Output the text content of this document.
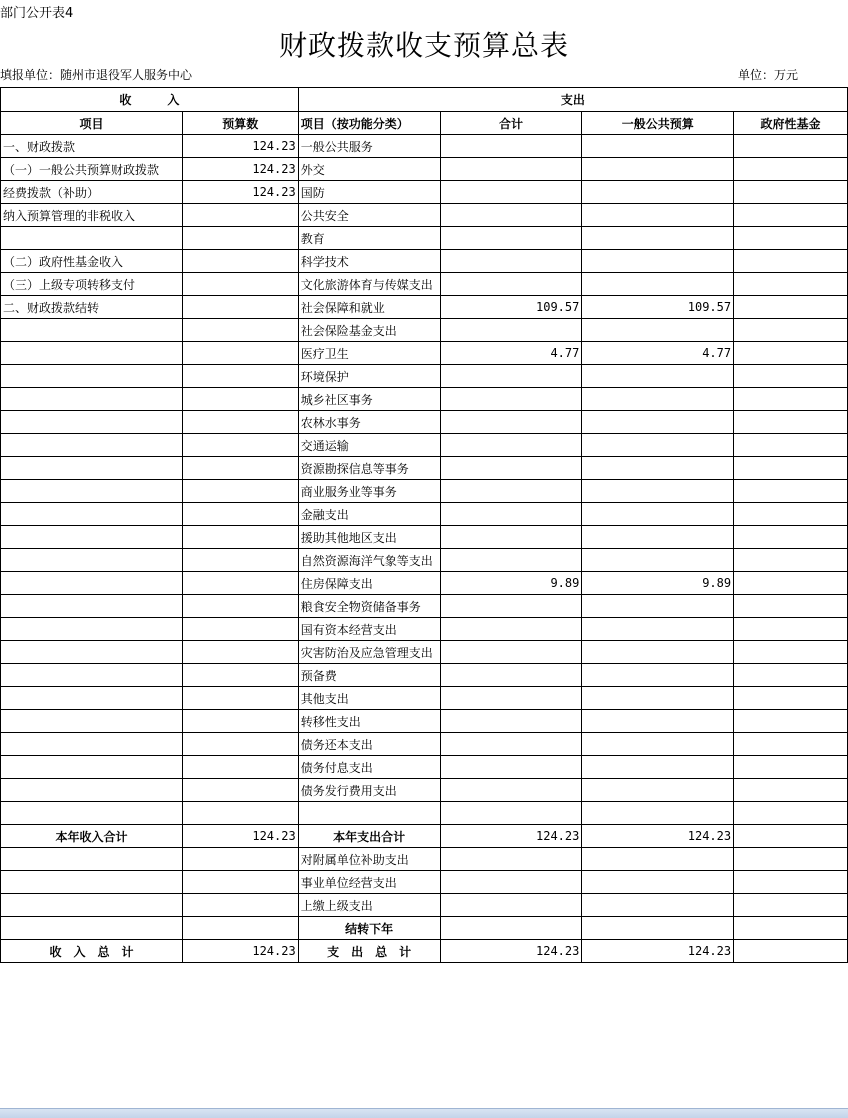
部门公开表4
财政拨款收支预算总表
填报单位：随州市退役军人服务中心	单位：万元
收　　　入		支出			
项目	预算数	项目（按功能分类）	合计	一般公共预算	政府性基金
一、财政拨款	124.23	一般公共服务			
（一）一般公共预算财政拨款	124.23	外交			
经费拨款（补助）	124.23	国防			
纳入预算管理的非税收入		公共安全			
		教育			
（二）政府性基金收入		科学技术			
（三）上级专项转移支付		文化旅游体育与传媒支出			
二、财政拨款结转		社会保障和就业	109.57	109.57	
		社会保险基金支出			
		医疗卫生	4.77	4.77	
		环境保护			
		城乡社区事务			
		农林水事务			
		交通运输			
		资源勘探信息等事务			
		商业服务业等事务			
		金融支出			
		援助其他地区支出			
		自然资源海洋气象等支出			
		住房保障支出	9.89	9.89	
		粮食安全物资储备事务			
		国有资本经营支出			
		灾害防治及应急管理支出			
		预备费			
		其他支出			
		转移性支出			
		债务还本支出			
		债务付息支出			
		债务发行费用支出			

本年收入合计	124.23	本年支出合计	124.23	124.23	
		对附属单位补助支出			
		事业单位经营支出			
		上缴上级支出			
		结转下年			
收　入　总　计	124.23	支　出　总　计	124.23	124.23	
